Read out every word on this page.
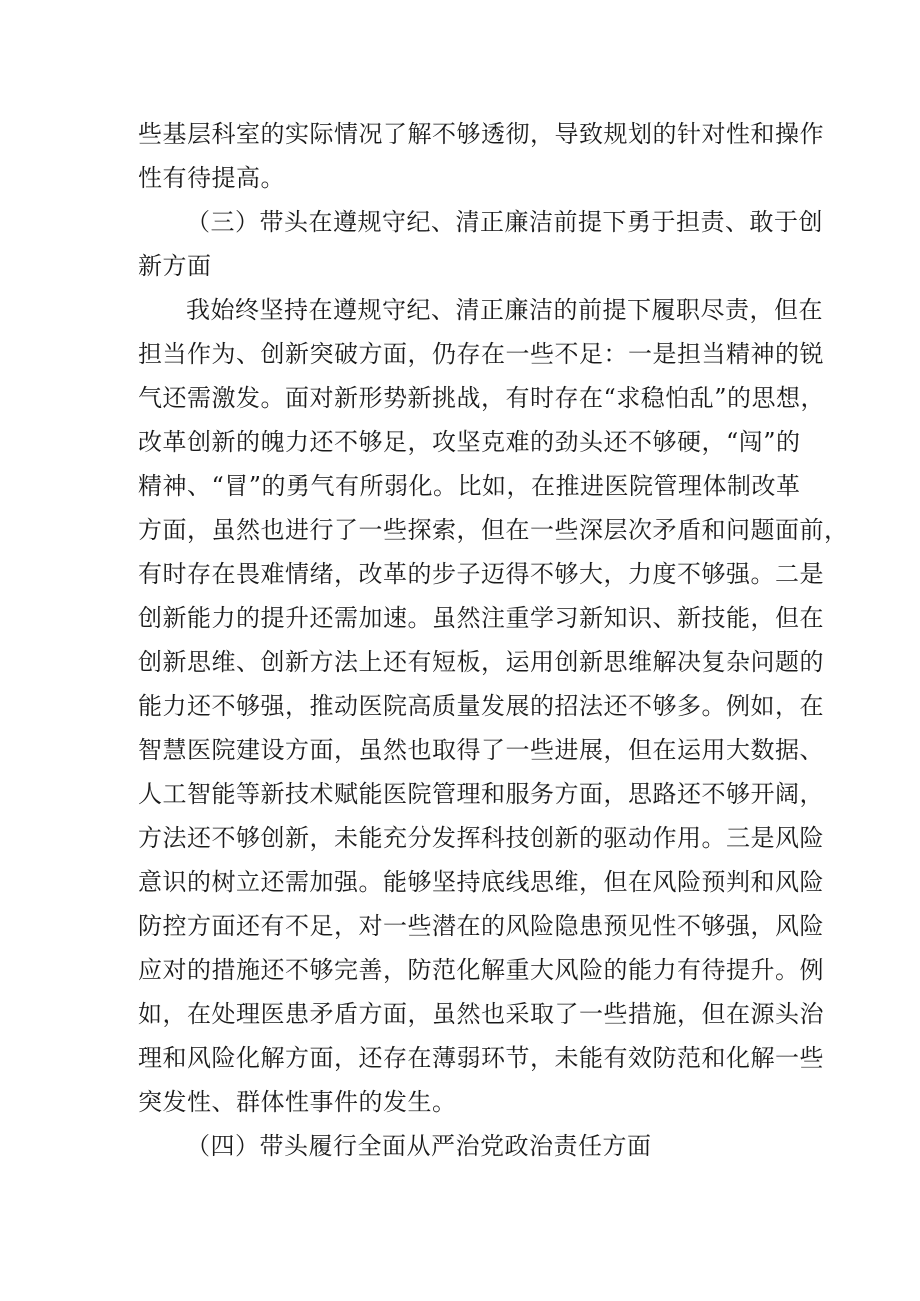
些基层科室的实际情况了解不够透彻，导致规划的针对性和操作
性有待提高。
（三）带头在遵规守纪、清正廉洁前提下勇于担责、敢于创
新方面
我始终坚持在遵规守纪、清正廉洁的前提下履职尽责，但在
担当作为、创新突破方面，仍存在一些不足：一是担当精神的锐
气还需激发。面对新形势新挑战，有时存在“求稳怕乱”的思想，
改革创新的魄力还不够足，攻坚克难的劲头还不够硬，“闯”的
精神、“冒”的勇气有所弱化。比如，在推进医院管理体制改革
方面，虽然也进行了一些探索，但在一些深层次矛盾和问题面前，
有时存在畏难情绪，改革的步子迈得不够大，力度不够强。二是
创新能力的提升还需加速。虽然注重学习新知识、新技能，但在
创新思维、创新方法上还有短板，运用创新思维解决复杂问题的
能力还不够强，推动医院高质量发展的招法还不够多。例如，在
智慧医院建设方面，虽然也取得了一些进展，但在运用大数据、
人工智能等新技术赋能医院管理和服务方面，思路还不够开阔，
方法还不够创新，未能充分发挥科技创新的驱动作用。三是风险
意识的树立还需加强。能够坚持底线思维，但在风险预判和风险
防控方面还有不足，对一些潜在的风险隐患预见性不够强，风险
应对的措施还不够完善，防范化解重大风险的能力有待提升。例
如，在处理医患矛盾方面，虽然也采取了一些措施，但在源头治
理和风险化解方面，还存在薄弱环节，未能有效防范和化解一些
突发性、群体性事件的发生。
（四）带头履行全面从严治党政治责任方面
